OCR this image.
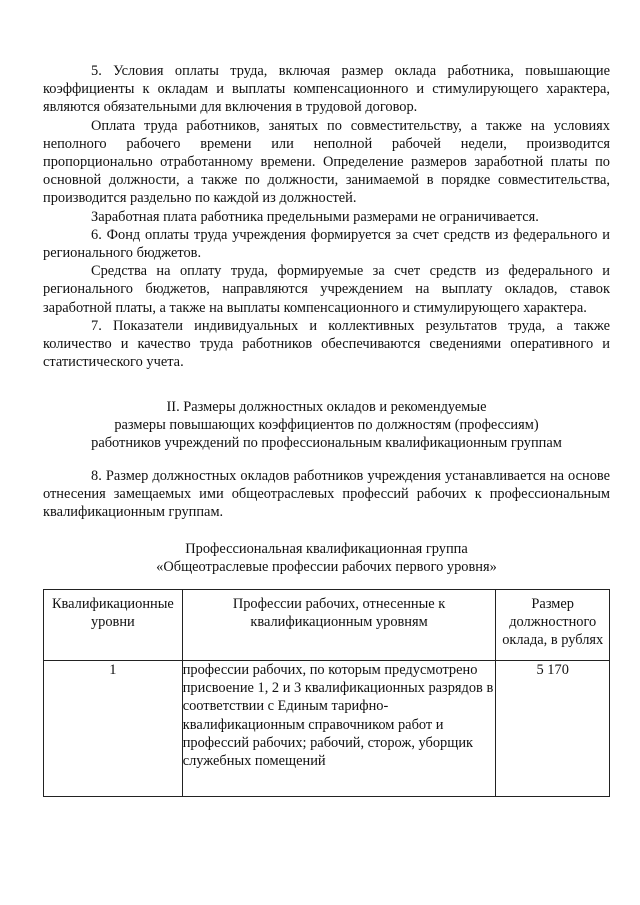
5. Условия оплаты труда, включая размер оклада работника, повышающие коэффициенты к окладам и выплаты компенсационного и стимулирующего характера, являются обязательными для включения в трудовой договор.

Оплата труда работников, занятых по совместительству, а также на условиях неполного рабочего времени или неполной рабочей недели, производится пропорционально отработанному времени. Определение размеров заработной платы по основной должности, а также по должности, занимаемой в порядке совместительства, производится раздельно по каждой из должностей.

Заработная плата работника предельными размерами не ограничивается.

6. Фонд оплаты труда учреждения формируется за счет средств из федерального и регионального бюджетов.

Средства на оплату труда, формируемые за счет средств из федерального и регионального бюджетов, направляются учреждением на выплату окладов, ставок заработной платы, а также на выплаты компенсационного и стимулирующего характера.

7. Показатели индивидуальных и коллективных результатов труда, а также количество и качество труда работников обеспечиваются сведениями оперативного и статистического учета.

II. Размеры должностных окладов и рекомендуемые
размеры повышающих коэффициентов по должностям (профессиям)
работников учреждений по профессиональным квалификационным группам

8. Размер должностных окладов работников учреждения устанавливается на основе отнесения замещаемых ими общеотраслевых профессий рабочих к профессиональным квалификационным группам.

Профессиональная квалификационная группа
«Общеотраслевые профессии рабочих первого уровня»
Квалификационные уровни	Профессии рабочих, отнесенные к квалификационным уровням	Размер должностного оклада, в рублях
1	профессии рабочих, по которым предусмотрено присвоение 1, 2 и 3 квалификационных разрядов в соответствии с Единым тарифно-квалификационным справочником работ и профессий рабочих; рабочий, сторож, уборщик служебных помещений	5 170
